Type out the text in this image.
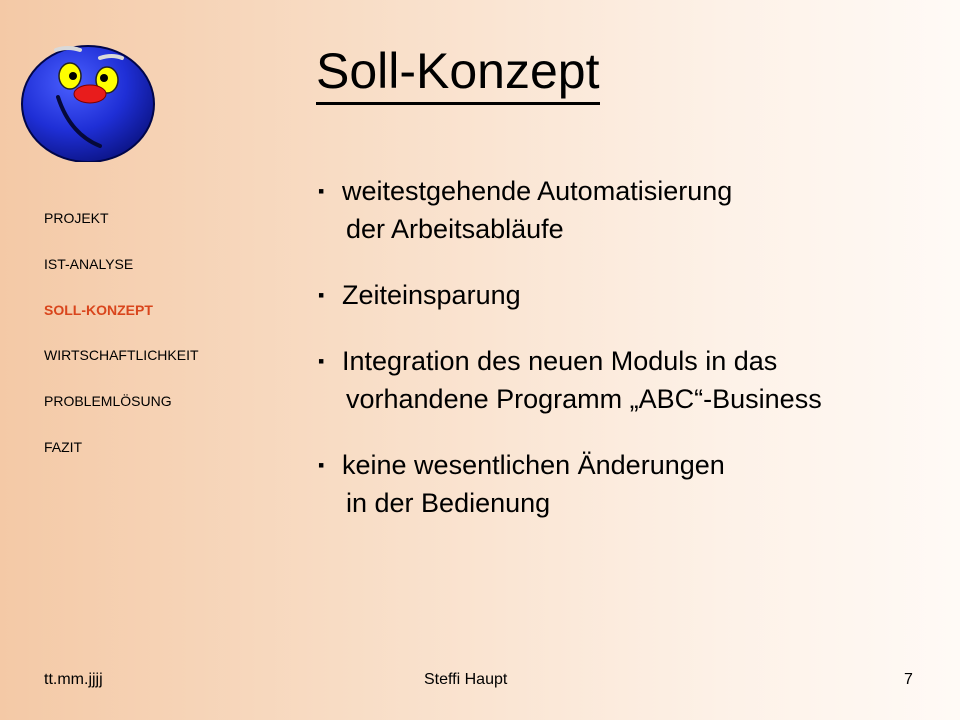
Soll-Konzept
PROJEKT
IST-ANALYSE
SOLL-KONZEPT
WIRTSCHAFTLICHKEIT
PROBLEMLÖSUNG
FAZIT
▪ weitestgehende Automatisierung
der Arbeitsabläufe
▪ Zeiteinsparung
▪ Integration des neuen Moduls in das
vorhandene Programm „ABC“-Business
▪ keine wesentlichen Änderungen
in der Bedienung
tt.mm.jjjj	Steffi Haupt	7
